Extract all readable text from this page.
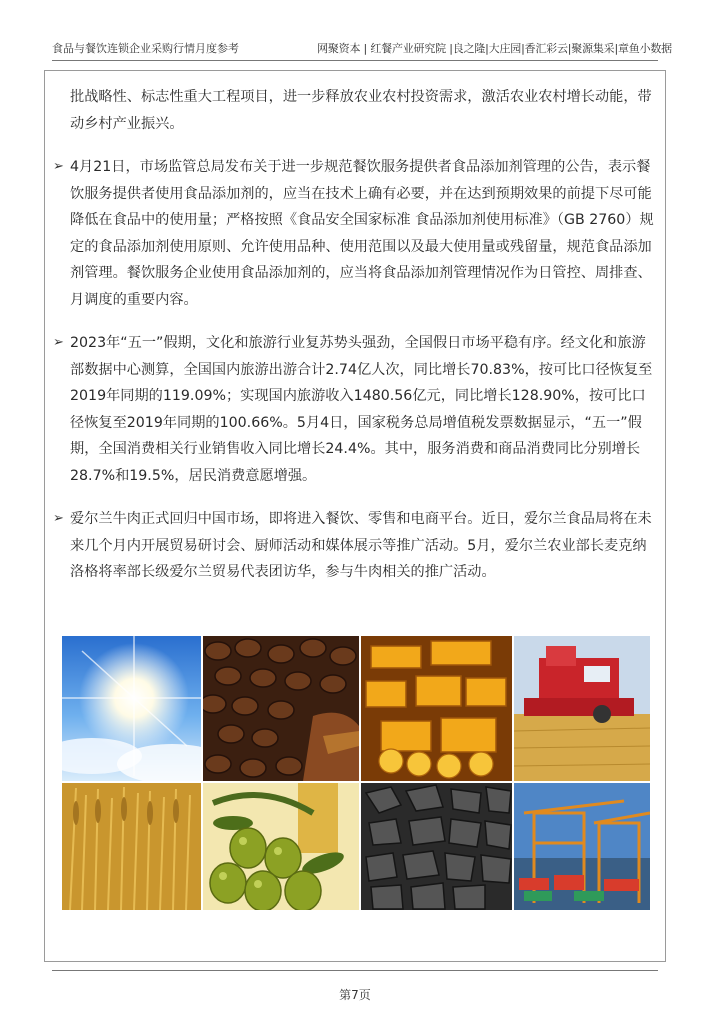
食品与餐饮连锁企业采购行情月度参考	网聚资本 | 红餐产业研究院 |良之隆|大庄园|香汇彩云|聚源集采|章鱼小数据

批战略性、标志性重大工程项目，进一步释放农业农村投资需求，激活农业农村增长动能，带动乡村产业振兴。

➢ 4月21日，市场监管总局发布关于进一步规范餐饮服务提供者食品添加剂管理的公告，表示餐饮服务提供者使用食品添加剂的，应当在技术上确有必要，并在达到预期效果的前提下尽可能降低在食品中的使用量；严格按照《食品安全国家标准 食品添加剂使用标准》（GB 2760）规定的食品添加剂使用原则、允许使用品种、使用范围以及最大使用量或残留量，规范食品添加剂管理。餐饮服务企业使用食品添加剂的，应当将食品添加剂管理情况作为日管控、周排查、月调度的重要内容。

➢ 2023年“五一”假期，文化和旅游行业复苏势头强劲，全国假日市场平稳有序。经文化和旅游部数据中心测算，全国国内旅游出游合计2.74亿人次，同比增长70.83%，按可比口径恢复至2019年同期的119.09%；实现国内旅游收入1480.56亿元，同比增长128.90%，按可比口径恢复至2019年同期的100.66%。5月4日，国家税务总局增值税发票数据显示，“五一”假期，全国消费相关行业销售收入同比增长24.4%。其中，服务消费和商品消费同比分别增长28.7%和19.5%，居民消费意愿增强。

➢ 爱尔兰牛肉正式回归中国市场，即将进入餐饮、零售和电商平台。近日，爱尔兰食品局将在未来几个月内开展贸易研讨会、厨师活动和媒体展示等推广活动。5月，爱尔兰农业部长麦克纳洛格将率部长级爱尔兰贸易代表团访华，参与牛肉相关的推广活动。

第7页
